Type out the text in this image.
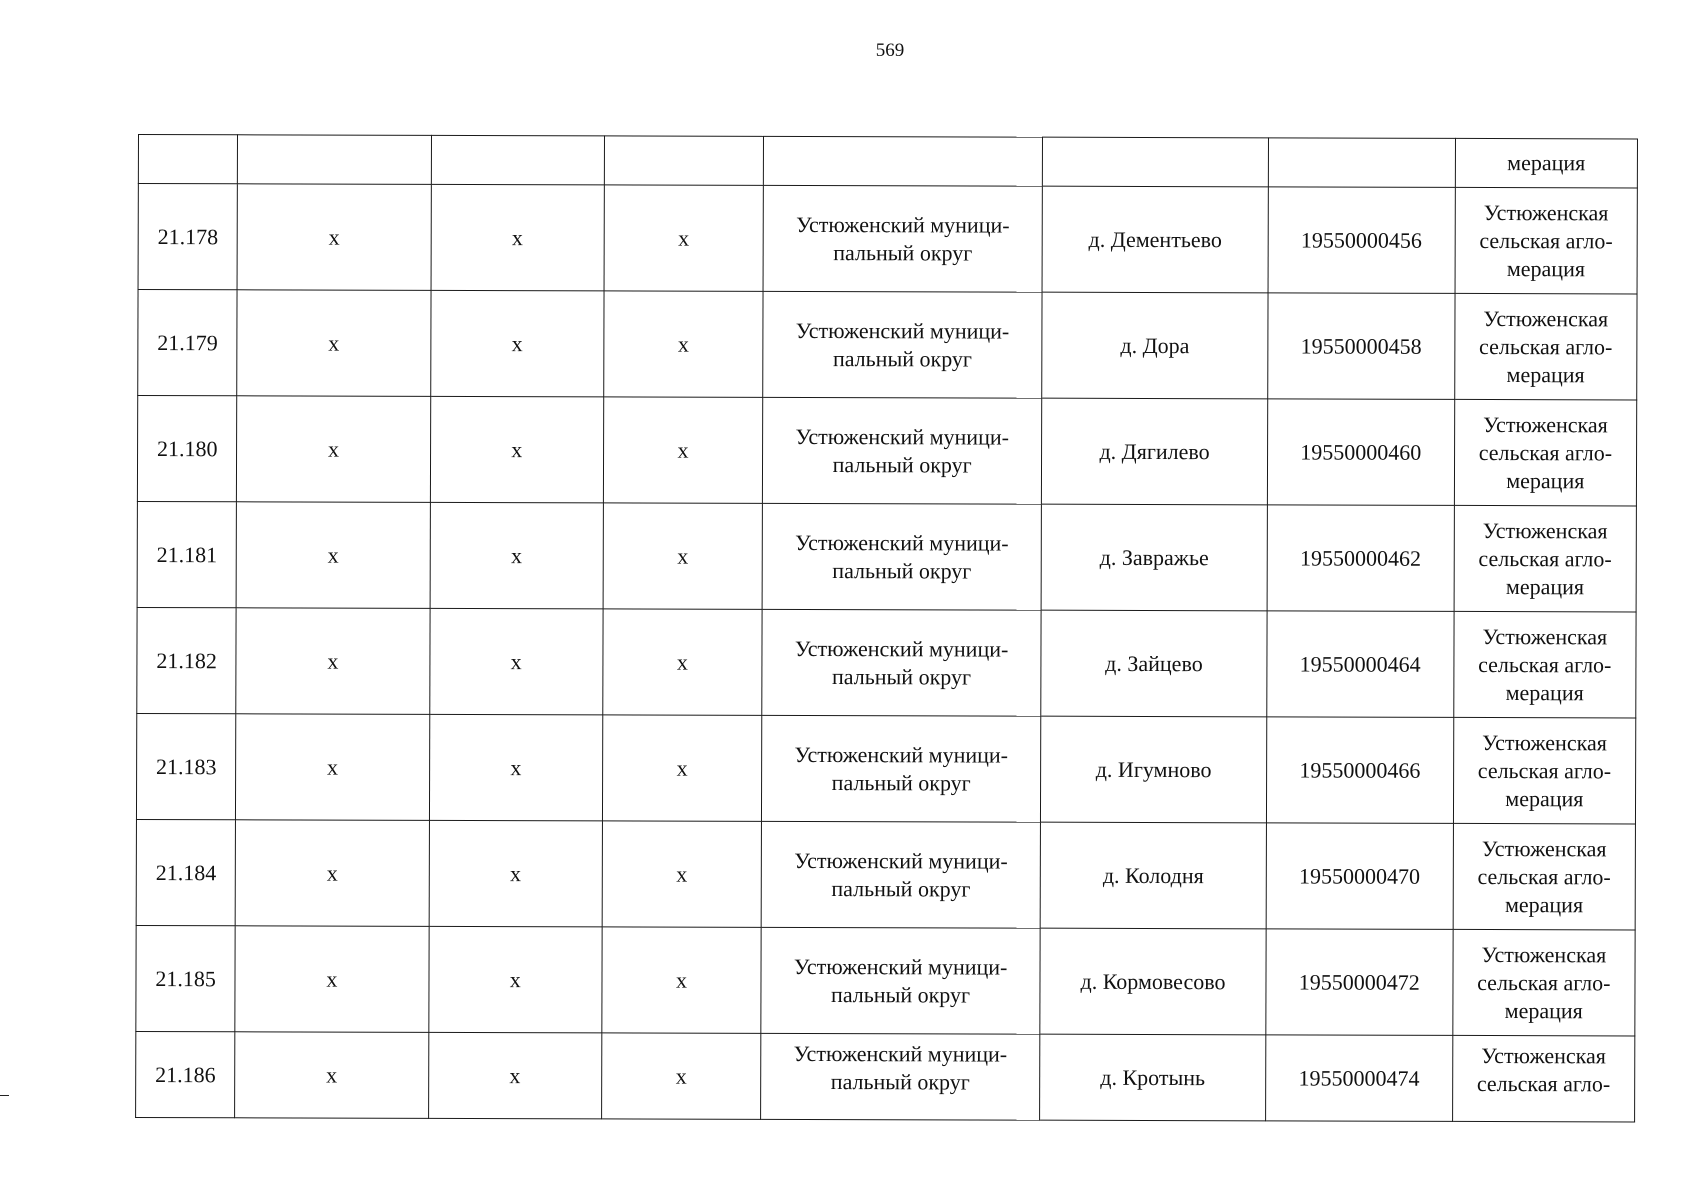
569
							мерация
21.178	x	x	x	Устюженский муници-
пальный округ	д. Дементьево	19550000456	Устюженская
сельская агло-
мерация

21.179	x	x	x	Устюженский муници-
пальный округ	д. Дора	19550000458	Устюженская
сельская агло-
мерация

21.180	x	x	x	Устюженский муници-
пальный округ	д. Дягилево	19550000460	Устюженская
сельская агло-
мерация

21.181	x	x	x	Устюженский муници-
пальный округ	д. Завражье	19550000462	Устюженская
сельская агло-
мерация

21.182	x	x	x	Устюженский муници-
пальный округ	д. Зайцево	19550000464	Устюженская
сельская агло-
мерация

21.183	x	x	x	Устюженский муници-
пальный округ	д. Игумново	19550000466	Устюженская
сельская агло-
мерация

21.184	x	x	x	Устюженский муници-
пальный округ	д. Колодня	19550000470	Устюженская
сельская агло-
мерация

21.185	x	x	x	Устюженский муници-
пальный округ	д. Кормовесово	19550000472	Устюженская
сельская агло-
мерация

21.186	x	x	x	Устюженский муници-
пальный округ	д. Кротынь	19550000474	Устюженская
сельская агло-
